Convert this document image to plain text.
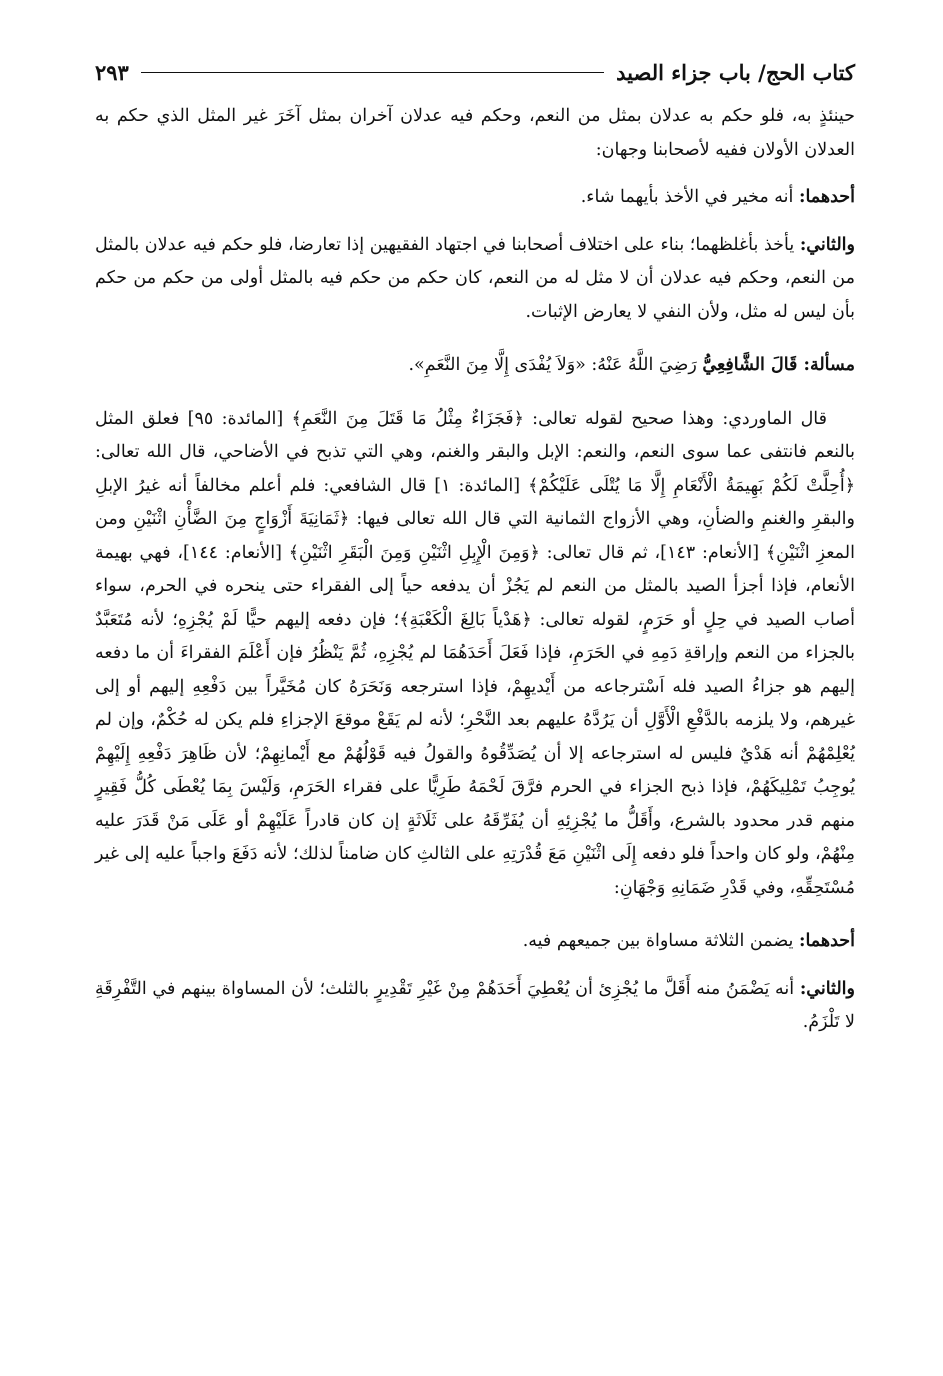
كتاب الحج/ باب جزاء الصيد
٢٩٣

حينئذٍ به، فلو حكم به عدلان بمثل من النعم، وحكم فيه عدلان آخران بمثل آخَرَ غير المثل الذي حكم به العدلان الأولان ففيه لأصحابنا وجهان:

أحدهما: أنه مخير في الأخذ بأيهما شاء.

والثاني: يأخذ بأغلظهما؛ بناء على اختلاف أصحابنا في اجتهاد الفقيهين إذا تعارضا، فلو حكم فيه عدلان بالمثل من النعم، وحكم فيه عدلان أن لا مثل له من النعم، كان حكم من حكم فيه بالمثل أولى من حكم من حكم بأن ليس له مثل، ولأن النفي لا يعارض الإثبات.

مسألة: قَالَ الشَّافِعِيُّ رَضِيَ اللَّهُ عَنْهُ: «وَلاَ يُفْدَى إِلَّا مِنَ النَّعَمِ».

قال الماوردي: وهذا صحيح لقوله تعالى: ﴿فَجَزَاءٌ مِثْلُ مَا قَتَلَ مِنَ النَّعَمِ﴾ [المائدة: ٩٥] فعلق المثل بالنعم فانتفى عما سوى النعم، والنعم: الإبل والبقر والغنم، وهي التي تذبح في الأضاحي، قال الله تعالى: ﴿أُحِلَّتْ لَكُمْ بَهِيمَةُ الْأَنْعَامِ إِلَّا مَا يُتْلَى عَلَيْكُمْ﴾ [المائدة: ١] قال الشافعي: فلم أعلم مخالفاً أنه غيرُ الإبلِ والبقرِ والغنمِ والضأنِ، وهي الأزواج الثمانية التي قال الله تعالى فيها: ﴿ثَمَانِيَةَ أَزْوَاجٍ مِنَ الضَّأْنِ اثْنَيْنِ ومن المعزِ اثْنَيْنِ﴾ [الأنعام: ١٤٣]، ثم قال تعالى: ﴿وَمِنَ الْإِبِلِ اثْنَيْنِ وَمِنَ الْبَقَرِ اثْنَيْنِ﴾ [الأنعام: ١٤٤]، فهي بهيمة الأنعام، فإذا أجزأ الصيد بالمثل من النعم لم يَجُزْ أن يدفعه حياً إلى الفقراء حتى ينحره في الحرم، سواء أصاب الصيد في حِلٍ أو حَرَمٍ، لقوله تعالى: ﴿هَدْياً بَالِغَ الْكَعْبَةِ﴾؛ فإن دفعه إليهم حيًّا لَمْ يُجْزِهِ؛ لأنه مُتَعَبَّدٌ بالجزاء من النعم وإراقةِ دَمِهِ في الحَرَمِ، فإذا فَعَلَ أَحَدَهُمَا لم يُجْزِهِ، ثُمَّ يَنْظُرُ فإن أَعْلَمَ الفقراءَ أن ما دفعه إليهم هو جزاءُ الصيد فله اَسْترجاعه من أَيْديهِمْ، فإذا استرجعه وَنَحَرَهُ كان مُخَيَّراً بين دَفْعِهِ إليهم أو إلى غيرهم، ولا يلزمه بالدَّفْعِ الْأَوَّلِ أن يَرُدَّهُ عليهم بعد النَّحْرِ؛ لأنه لم يَقَعْ موقعَ الإجزاءِ فلم يكن له حُكْمٌ، وإن لم يُعْلِمْهُمْ أنه هَدْيٌ فليس له استرجاعه إلا أن يُصَدِّقُوهُ والقولُ فيه قَوْلُهُمْ مع أَيْمانِهِمْ؛ لأن ظَاهِرَ دَفْعِهِ إِلَيْهِمْ يُوجِبُ تَمْلِيكَهُمْ، فإذا ذبح الجزاء في الحرم فرَّقَ لَحْمَهُ طَرِيًّا على فقراء الحَرَمِ، وَلَيْسَ بِمَا يُعْطَى كُلُّ فَقِيرٍ منهم قدر محدود بالشرع، وأَقَلُّ ما يُجْزِئِهِ أن يُفَرِّقَهُ على ثَلَاثَةٍ إن كان قادراً عَلَيْهِمْ أو عَلَى مَنْ قَدَرَ عليه مِنْهُمْ، ولو كان واحداً فلو دفعه إِلَى اثْنَيْنِ مَعَ قُدْرَتِهِ على الثالثِ كان ضامناً لذلك؛ لأنه دَفَعَ واجباً عليه إلى غير مُسْتَحِقِّهِ، وفي قَدْرِ ضَمَانِهِ وَجْهَانِ:

أحدهما: يضمن الثلاثة مساواة بين جميعهم فيه.

والثاني: أنه يَضْمَنُ منه أَقَلَّ ما يُجْزِئ أن يُعْطِيَ أَحَدَهُمْ مِنْ غَيْرِ تَقْدِيرٍ بالثلث؛ لأن المساواة بينهم في التَّفْرِقَةِ لا تَلْزَمُ.
